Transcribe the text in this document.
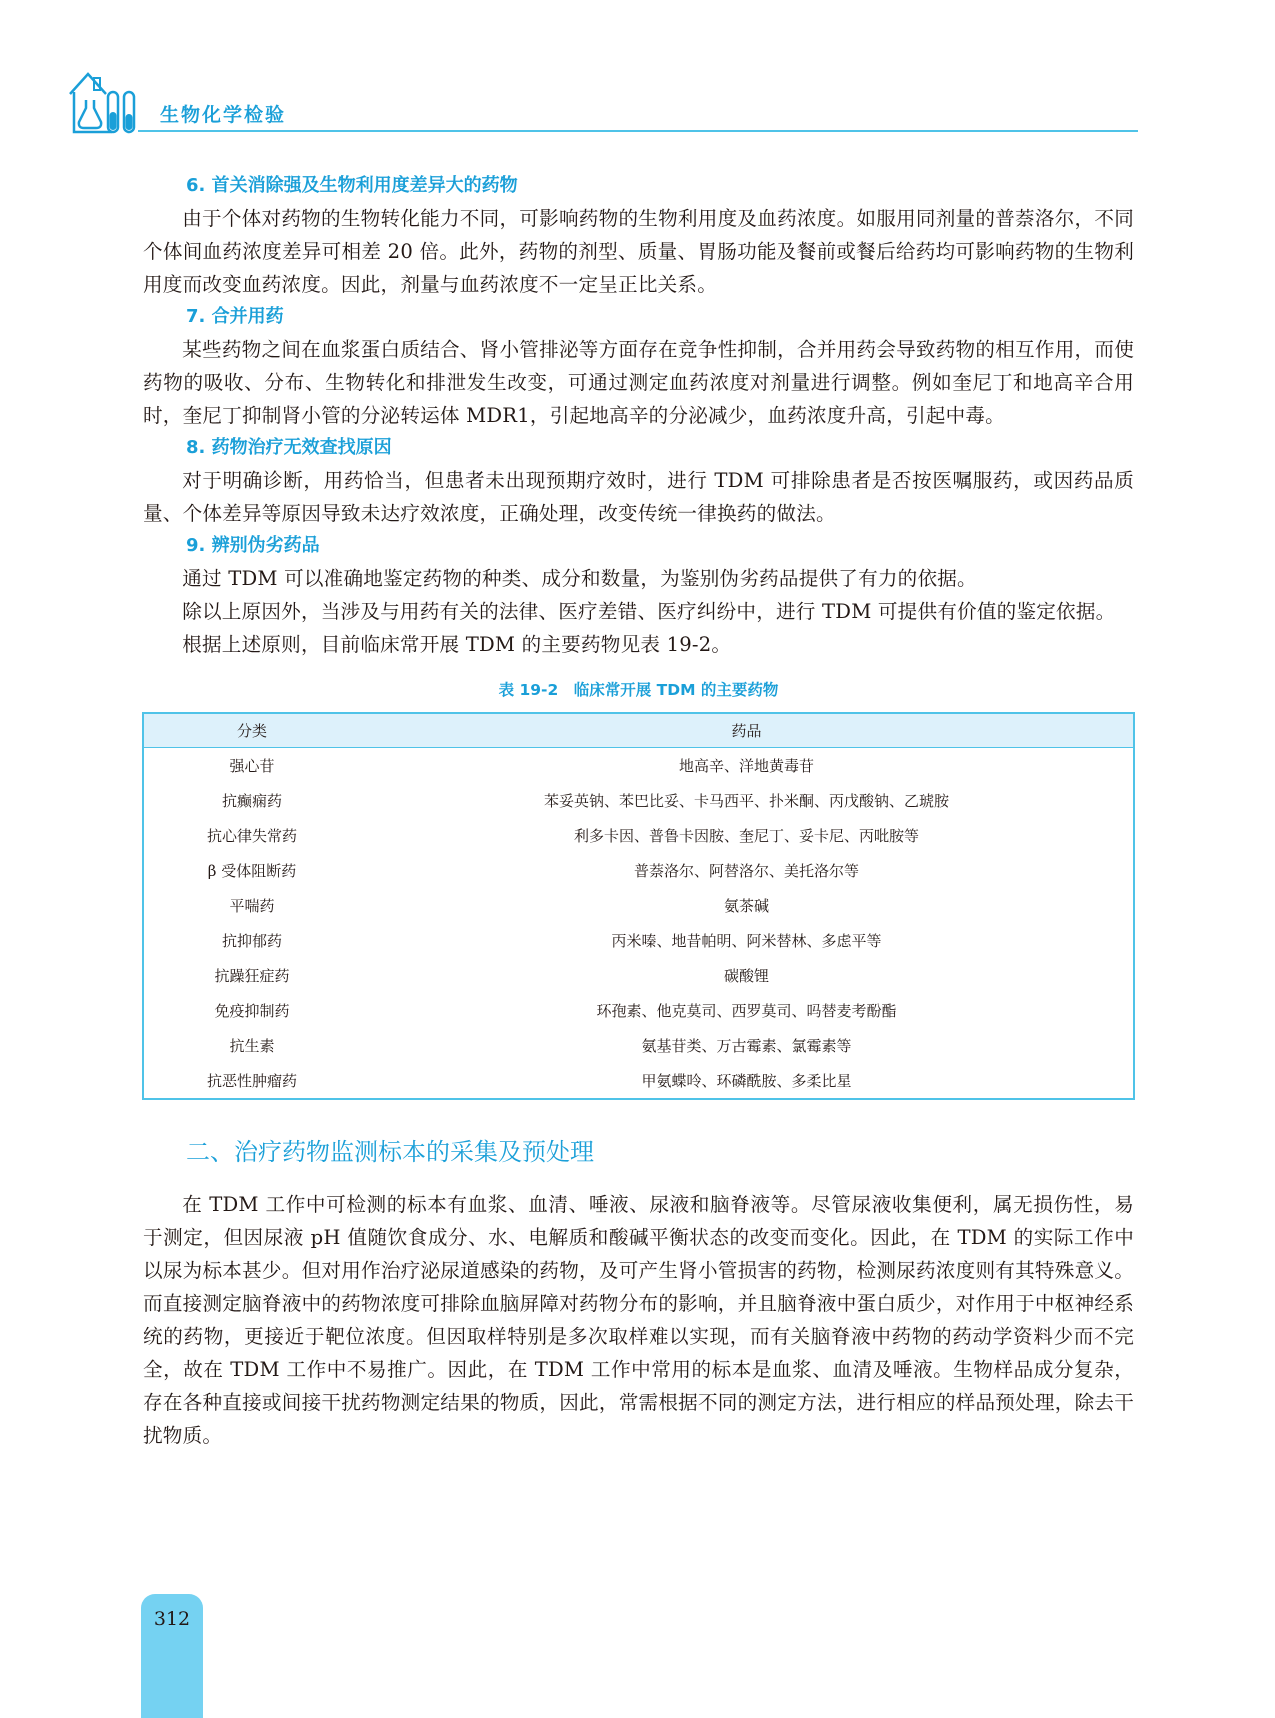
生物化学检验
6. 首关消除强及生物利用度差异大的药物

由于个体对药物的生物转化能力不同，可影响药物的生物利用度及血药浓度。如服用同剂量的普萘洛尔，不同个体间血药浓度差异可相差 20 倍。此外，药物的剂型、质量、胃肠功能及餐前或餐后给药均可影响药物的生物利用度而改变血药浓度。因此，剂量与血药浓度不一定呈正比关系。

7. 合并用药

某些药物之间在血浆蛋白质结合、肾小管排泌等方面存在竞争性抑制，合并用药会导致药物的相互作用，而使药物的吸收、分布、生物转化和排泄发生改变，可通过测定血药浓度对剂量进行调整。例如奎尼丁和地高辛合用时，奎尼丁抑制肾小管的分泌转运体 MDR1，引起地高辛的分泌减少，血药浓度升高，引起中毒。

8. 药物治疗无效查找原因

对于明确诊断，用药恰当，但患者未出现预期疗效时，进行 TDM 可排除患者是否按医嘱服药，或因药品质量、个体差异等原因导致未达疗效浓度，正确处理，改变传统一律换药的做法。

9. 辨别伪劣药品

通过 TDM 可以准确地鉴定药物的种类、成分和数量，为鉴别伪劣药品提供了有力的依据。

除以上原因外，当涉及与用药有关的法律、医疗差错、医疗纠纷中，进行 TDM 可提供有价值的鉴定依据。

根据上述原则，目前临床常开展 TDM 的主要药物见表 19-2。

表 19-2　临床常开展 TDM 的主要药物
分类	药品
强心苷	地高辛、洋地黄毒苷
抗癫痫药	苯妥英钠、苯巴比妥、卡马西平、扑米酮、丙戊酸钠、乙琥胺
抗心律失常药	利多卡因、普鲁卡因胺、奎尼丁、妥卡尼、丙吡胺等
β 受体阻断药	普萘洛尔、阿替洛尔、美托洛尔等
平喘药	氨茶碱
抗抑郁药	丙米嗪、地昔帕明、阿米替林、多虑平等
抗躁狂症药	碳酸锂
免疫抑制药	环孢素、他克莫司、西罗莫司、吗替麦考酚酯
抗生素	氨基苷类、万古霉素、氯霉素等
抗恶性肿瘤药	甲氨蝶呤、环磷酰胺、多柔比星
二、治疗药物监测标本的采集及预处理

在 TDM 工作中可检测的标本有血浆、血清、唾液、尿液和脑脊液等。尽管尿液收集便利，属无损伤性，易于测定，但因尿液 pH 值随饮食成分、水、电解质和酸碱平衡状态的改变而变化。因此，在 TDM 的实际工作中以尿为标本甚少。但对用作治疗泌尿道感染的药物，及可产生肾小管损害的药物，检测尿药浓度则有其特殊意义。而直接测定脑脊液中的药物浓度可排除血脑屏障对药物分布的影响，并且脑脊液中蛋白质少，对作用于中枢神经系统的药物，更接近于靶位浓度。但因取样特别是多次取样难以实现，而有关脑脊液中药物的药动学资料少而不完全，故在 TDM 工作中不易推广。因此，在 TDM 工作中常用的标本是血浆、血清及唾液。生物样品成分复杂，存在各种直接或间接干扰药物测定结果的物质，因此，常需根据不同的测定方法，进行相应的样品预处理，除去干扰物质。

312
